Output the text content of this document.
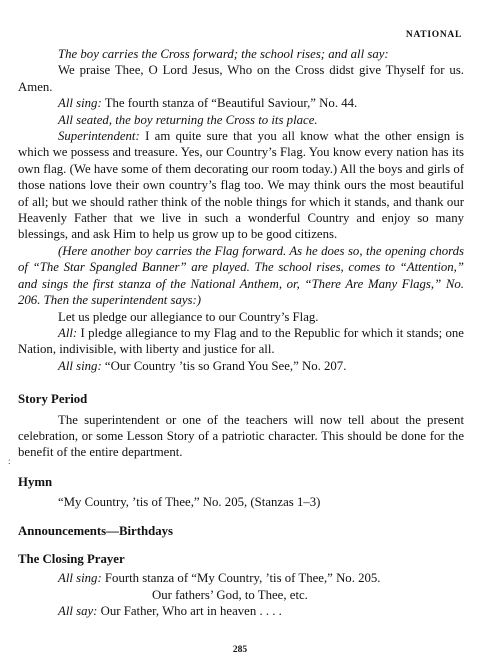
NATIONAL

The boy carries the Cross forward; the school rises; and all say:

We praise Thee, O Lord Jesus, Who on the Cross didst give Thyself for us. Amen.

All sing: The fourth stanza of “Beautiful Saviour,” No. 44.

All seated, the boy returning the Cross to its place.

Superintendent: I am quite sure that you all know what the other ensign is which we possess and treasure. Yes, our Country’s Flag. You know every nation has its own flag. (We have some of them decorating our room today.) All the boys and girls of those nations love their own country’s flag too. We may think ours the most beautiful of all; but we should rather think of the noble things for which it stands, and thank our Heavenly Father that we live in such a wonderful Country and enjoy so many blessings, and ask Him to help us grow up to be good citizens.

(Here another boy carries the Flag forward. As he does so, the opening chords of “The Star Spangled Banner” are played. The school rises, comes to “Attention,” and sings the first stanza of the National Anthem, or, “There Are Many Flags,” No. 206. Then the superintendent says:)

Let us pledge our allegiance to our Country’s Flag.

All: I pledge allegiance to my Flag and to the Republic for which it stands; one Nation, indivisible, with liberty and justice for all.

All sing: “Our Country ’tis so Grand You See,” No. 207.

Story Period

The superintendent or one of the teachers will now tell about the present celebration, or some Lesson Story of a patriotic character. This should be done for the benefit of the entire department.

Hymn

“My Country, ’tis of Thee,” No. 205, (Stanzas 1–3)

Announcements—Birthdays

The Closing Prayer

All sing: Fourth stanza of “My Country, ’tis of Thee,” No. 205.

Our fathers’ God, to Thee, etc.

All say: Our Father, Who art in heaven . . . .

:
285
